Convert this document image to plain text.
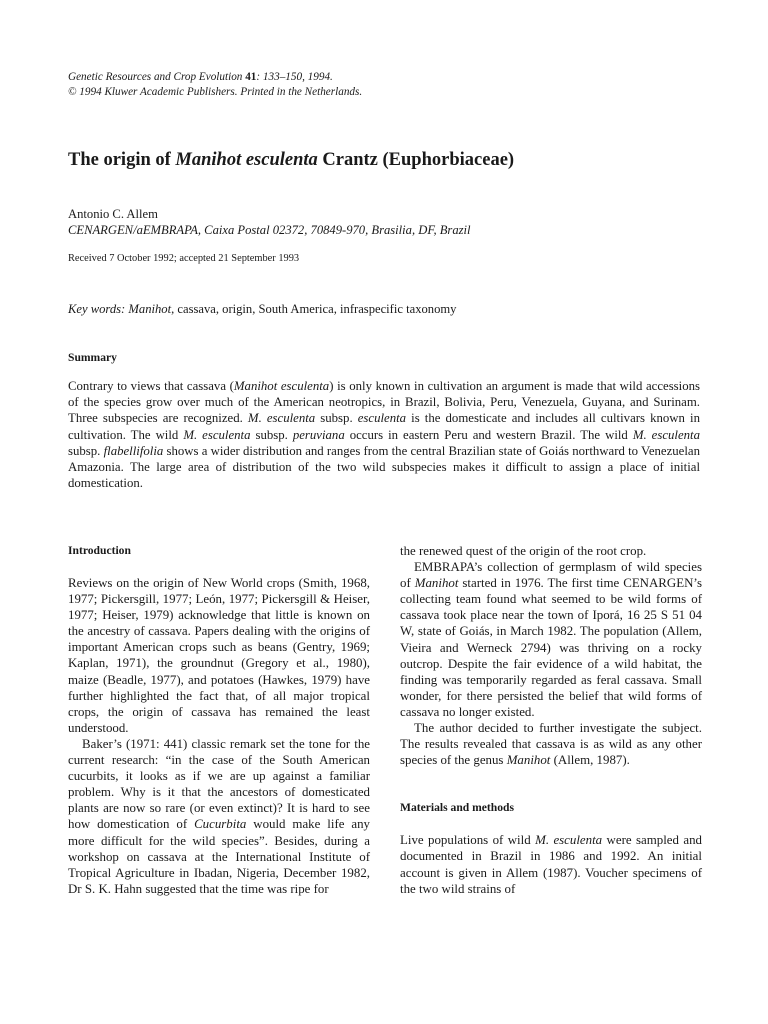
Genetic Resources and Crop Evolution 41: 133–150, 1994.
© 1994 Kluwer Academic Publishers. Printed in the Netherlands.
The origin of Manihot esculenta Crantz (Euphorbiaceae)
Antonio C. Allem
CENARGEN/aEMBRAPA, Caixa Postal 02372, 70849-970, Brasilia, DF, Brazil
Received 7 October 1992; accepted 21 September 1993
Key words: Manihot, cassava, origin, South America, infraspecific taxonomy
Summary

Contrary to views that cassava (Manihot esculenta) is only known in cultivation an argument is made that wild accessions of the species grow over much of the American neotropics, in Brazil, Bolivia, Peru, Venezuela, Guyana, and Surinam. Three subspecies are recognized. M. esculenta subsp. esculenta is the domesticate and includes all cultivars known in cultivation. The wild M. esculenta subsp. peruviana occurs in eastern Peru and western Brazil. The wild M. esculenta subsp. flabellifolia shows a wider distribution and ranges from the central Brazilian state of Goiás northward to Venezuelan Amazonia. The large area of distribution of the two wild subspecies makes it difficult to assign a place of initial domestication.

Introduction

Reviews on the origin of New World crops (Smith, 1968, 1977; Pickersgill, 1977; León, 1977; Pickersgill & Heiser, 1977; Heiser, 1979) acknowledge that little is known on the ancestry of cassava. Papers dealing with the origins of important American crops such as beans (Gentry, 1969; Kaplan, 1971), the groundnut (Gregory et al., 1980), maize (Beadle, 1977), and potatoes (Hawkes, 1979) have further highlighted the fact that, of all major tropical crops, the origin of cassava has remained the least understood.

Baker’s (1971: 441) classic remark set the tone for the current research: “in the case of the South American cucurbits, it looks as if we are up against a familiar problem. Why is it that the ancestors of domesticated plants are now so rare (or even extinct)? It is hard to see how domestication of Cucurbita would make life any more difficult for the wild species”. Besides, during a workshop on cassava at the International Institute of Tropical Agriculture in Ibadan, Nigeria, December 1982, Dr S. K. Hahn suggested that the time was ripe for

the renewed quest of the origin of the root crop.

EMBRAPA’s collection of germplasm of wild species of Manihot started in 1976. The first time CENARGEN’s collecting team found what seemed to be wild forms of cassava took place near the town of Iporá, 16 25 S 51 04 W, state of Goiás, in March 1982. The population (Allem, Vieira and Werneck 2794) was thriving on a rocky outcrop. Despite the fair evidence of a wild habitat, the finding was temporarily regarded as feral cassava. Small wonder, for there persisted the belief that wild forms of cassava no longer existed.

The author decided to further investigate the subject. The results revealed that cassava is as wild as any other species of the genus Manihot (Allem, 1987).

Materials and methods

Live populations of wild M. esculenta were sampled and documented in Brazil in 1986 and 1992. An initial account is given in Allem (1987). Voucher specimens of the two wild strains of
